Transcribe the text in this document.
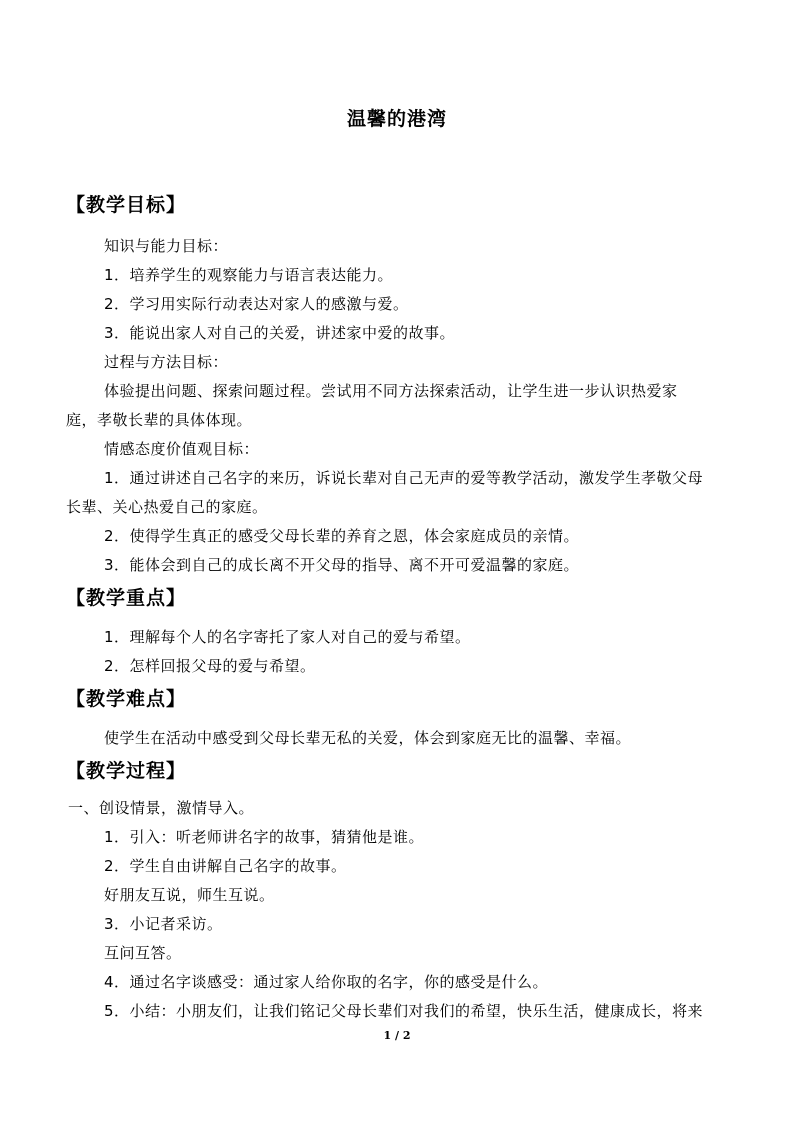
温馨的港湾
【教学目标】
知识与能力目标：
1．培养学生的观察能力与语言表达能力。
2．学习用实际行动表达对家人的感激与爱。
3．能说出家人对自己的关爱，讲述家中爱的故事。
过程与方法目标：
体验提出问题、探索问题过程。尝试用不同方法探索活动，让学生进一步认识热爱家
庭，孝敬长辈的具体体现。
情感态度价值观目标：
1．通过讲述自己名字的来历，诉说长辈对自己无声的爱等教学活动，激发学生孝敬父母
长辈、关心热爱自己的家庭。
2．使得学生真正的感受父母长辈的养育之恩，体会家庭成员的亲情。
3．能体会到自己的成长离不开父母的指导、离不开可爱温馨的家庭。
【教学重点】
1．理解每个人的名字寄托了家人对自己的爱与希望。
2．怎样回报父母的爱与希望。
【教学难点】
使学生在活动中感受到父母长辈无私的关爱，体会到家庭无比的温馨、幸福。
【教学过程】
一、创设情景，激情导入。
1．引入：听老师讲名字的故事，猜猜他是谁。
2．学生自由讲解自己名字的故事。
好朋友互说，师生互说。
3．小记者采访。
互问互答。
4．通过名字谈感受：通过家人给你取的名字，你的感受是什么。
5．小结：小朋友们，让我们铭记父母长辈们对我们的希望，快乐生活，健康成长，将来
1 / 2
